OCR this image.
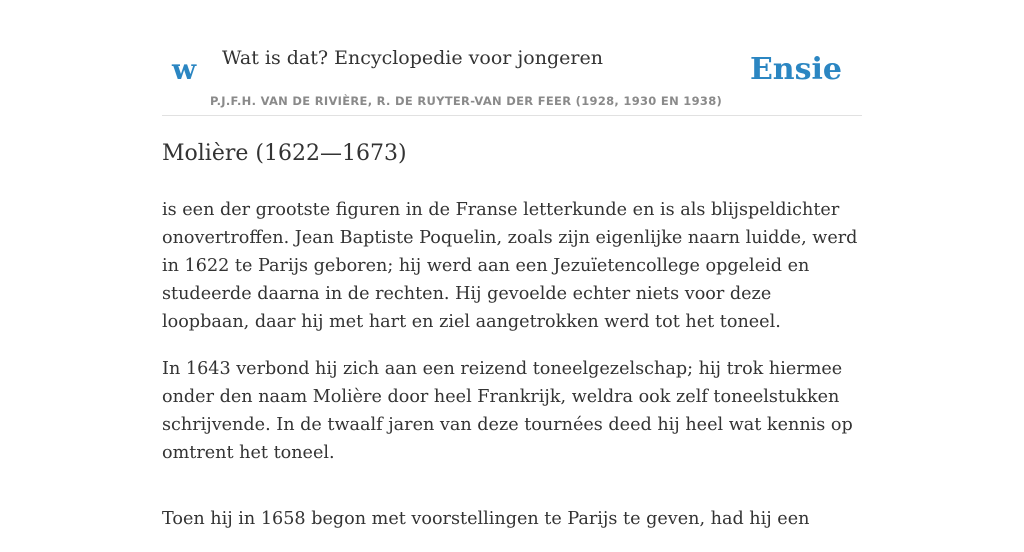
w Wat is dat? Encyclopedie voor jongeren
P.J.F.H. VAN DE RIVIÈRE, R. DE RUYTER-VAN DER FEER (1928, 1930 EN 1938)
Ensie
Molière (1622—1673)

is een der grootste figuren in de Franse letterkunde en is als blijspeldichter onovertroffen. Jean Baptiste Poquelin, zoals zijn eigenlijke naarn luidde, werd in 1622 te Parijs geboren; hij werd aan een Jezuïetencollege opgeleid en studeerde daarna in de rechten. Hij gevoelde echter niets voor deze loopbaan, daar hij met hart en ziel aangetrokken werd tot het toneel.

In 1643 verbond hij zich aan een reizend toneelgezelschap; hij trok hiermee onder den naam Molière door heel Frankrijk, weldra ook zelf toneelstukken schrijvende. In de twaalf jaren van deze tournées deed hij heel wat kennis op omtrent het toneel.

Toen hij in 1658 begon met voorstellingen te Parijs te geven, had hij een
